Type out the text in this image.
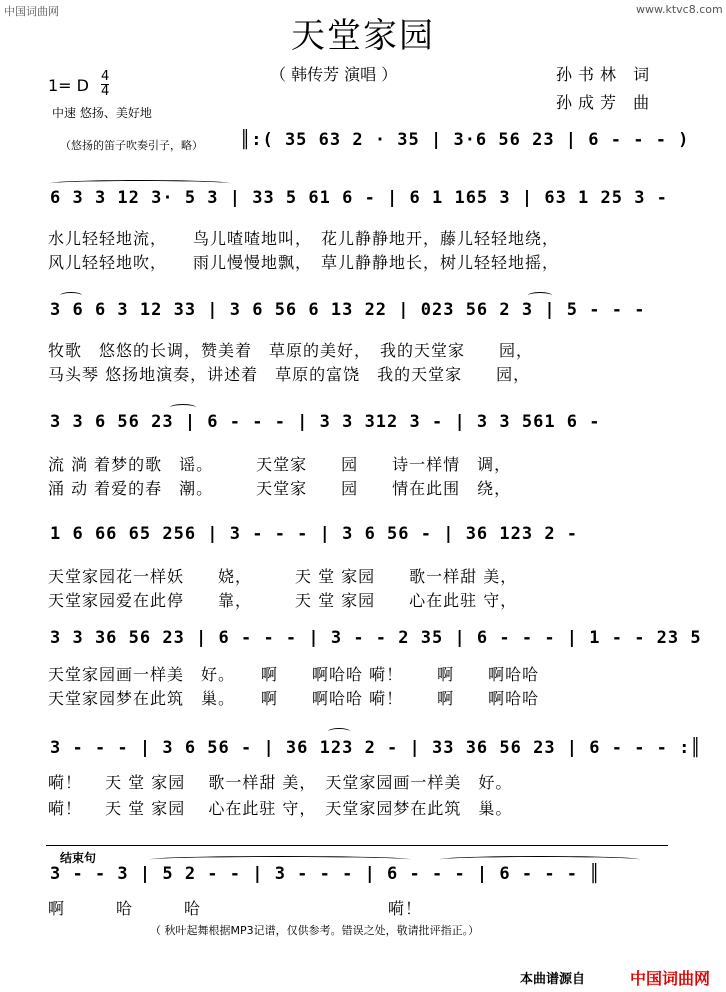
中国词曲网	www.ktvc8.com
天堂家园
（ 韩传芳 演唱 ）	孙书林 词
孙成芳 曲
1= D 4
4
中速 悠扬、美好地
（悠扬的笛子吹奏引子，略） ║:( 35 63 2 · 35 | 3·6 56 23 | 6 - - - )
6 3 3 12 3· 5 3 | 33 5 61 6 - | 6 1 165 3 | 63 1 25 3 -
水儿轻轻地流，　　鸟儿喳喳地叫，　花儿静静地开，藤儿轻轻地绕，
风儿轻轻地吹，　　雨儿慢慢地飘，　草儿静静地长，树儿轻轻地摇，
3 6 6 3 12 33 | 3 6 56 6 13 22 | 023 56 2 3 | 5 - - -
牧歌　悠悠的长调，赞美着　草原的美好，　我的天堂家　　园，
马头琴 悠扬地演奏，讲述着　草原的富饶　我的天堂家　　园，
3 3 6 56 23 | 6 - - - | 3 3 312 3 - | 3 3 561 6 -
流 淌 着梦的歌　谣。　　　天堂家　　园　　诗一样情　调，
涌 动 着爱的春　潮。　　　天堂家　　园　　情在此围　绕，
1 6 66 65 256 | 3 - - - | 3 6 56 - | 36 123 2 -
天堂家园花一样妖　　娆，　　　天 堂 家园　　歌一样甜 美，
天堂家园爱在此停　　靠，　　　天 堂 家园　　心在此驻 守，
3 3 36 56 23 | 6 - - - | 3 - - 2 35 | 6 - - - | 1 - - 23 5
天堂家园画一样美　好。　　啊　　啊哈哈 嗬！　　啊　　啊哈哈
天堂家园梦在此筑　巢。　　啊　　啊哈哈 嗬！　　啊　　啊哈哈
3 - - - | 3 6 56 - | 36 123 2 - | 33 36 56 23 | 6 - - - :║
嗬！　 天 堂 家园　 歌一样甜 美，　天堂家园画一样美　好。
嗬！　 天 堂 家园　 心在此驻 守，　天堂家园梦在此筑　巢。
结束句
3 - - 3 | 5 2 - - | 3 - - - | 6 - - - | 6 - - - ║
啊　　　哈　　　哈　　　　　　　　　　　嗬！
（ 秋叶起舞根据MP3记谱，仅供参考。错误之处，敬请批评指正。）
本曲谱源自	中国词曲网
